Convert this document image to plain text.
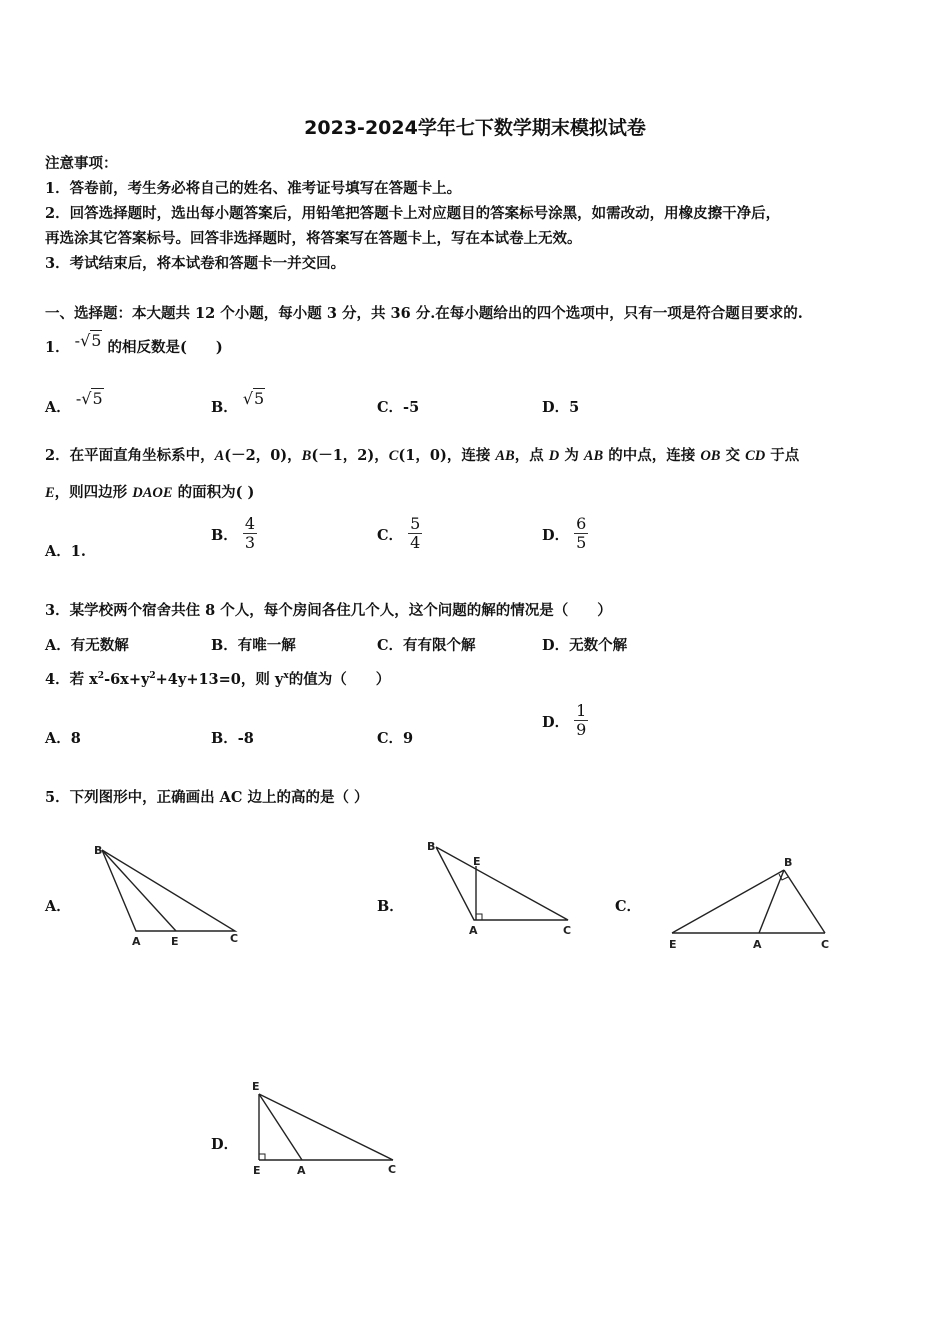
2023-2024学年七下数学期末模拟试卷
注意事项：
1．答卷前，考生务必将自己的姓名、准考证号填写在答题卡上。
2．回答选择题时，选出每小题答案后，用铅笔把答题卡上对应题目的答案标号涂黑，如需改动，用橡皮擦干净后，
再选涂其它答案标号。回答非选择题时，将答案写在答题卡上，写在本试卷上无效。
3．考试结束后，将本试卷和答题卡一并交回。
一、选择题：本大题共 12 个小题，每小题 3 分，共 36 分.在每小题给出的四个选项中，只有一项是符合题目要求的.
1． -√5 的相反数是(　　)
A． -√5	B． √5	C．-5	D．5
2．在平面直角坐标系中，A(－2，0)，B(－1，2)，C(1，0)，连接 AB，点 D 为 AB 的中点，连接 OB 交 CD 于点
E，则四边形 DAOE 的面积为( )
A．1.
B． $\frac{4}{3}$	C． $\frac{5}{4}$	D． $\frac{6}{5}$
3．某学校两个宿舍共住 8 个人，每个房间各住几个人，这个问题的解的情况是（　　）
A．有无数解	B．有唯一解	C．有有限个解	D．无数个解
4．若 $x^2-6x+y^2+4y+13=0$，则 $y^x$的值为（　　）
A．8	B．-8	C．9
D． $\frac{1}{9}$
5．下列图形中，正确画出 AC 边上的高的是（ ）
A．
B
A	E	C
B．
B
E
A	C
C．
B
E	A	C
D．
E
E	A	C
